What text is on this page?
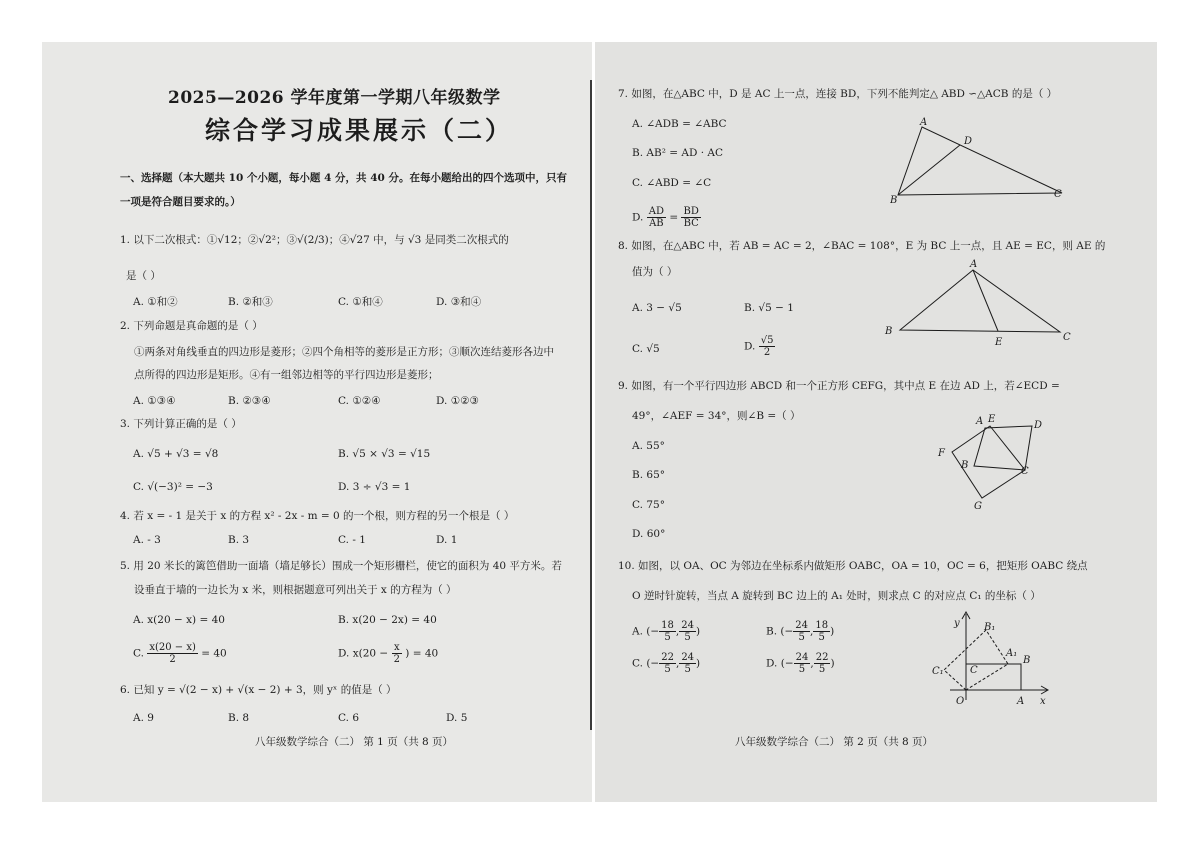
2025—2026 学年度第一学期八年级数学
综合学习成果展示（二）
一、选择题（本大题共 10 个小题，每小题 4 分，共 40 分。在每小题给出的四个选项中，只有
一项是符合题目要求的。）
1. 以下二次根式：①√12；②√2²；③√(2/3)；④√27 中，与 √3 是同类二次根式的
是（ ）
A. ①和②	B. ②和③	C. ①和④	D. ③和④
2. 下列命题是真命题的是（ ）
①两条对角线垂直的四边形是菱形；②四个角相等的菱形是正方形；③顺次连结菱形各边中
点所得的四边形是矩形。④有一组邻边相等的平行四边形是菱形；
A. ①③④	B. ②③④	C. ①②④	D. ①②③
3. 下列计算正确的是（ ）
A. √5 + √3 = √8	B. √5 × √3 = √15
C. √(−3)² = −3	D. 3 ÷ √3 = 1
4. 若 x = - 1 是关于 x 的方程 x² - 2x - m = 0 的一个根，则方程的另一个根是（ ）
A. - 3	B. 3	C. - 1	D. 1
5. 用 20 米长的篱笆借助一面墙（墙足够长）围成一个矩形栅栏，使它的面积为 40 平方米。若
设垂直于墙的一边长为 x 米，则根据题意可列出关于 x 的方程为（ ）
A. x(20 − x) = 40	B. x(20 − 2x) = 40
C. $\frac{x(20 - x)}{2} = 40$	D. $x(20 - \frac{x}{2}$ ) = 40
6. 已知 y = √(2 − x) + √(x − 2) + 3，则 yˣ 的值是（ ）
A. 9	B. 8	C. 6	D. 5
八年级数学综合（二） 第 1 页（共 8 页）
7. 如图，在△ABC 中，D 是 AC 上一点，连接 BD，下列不能判定△ ABD ∽△ACB 的是（ ）
A. ∠ADB = ∠ABC
B. AB² = AD · AC
C. ∠ABD = ∠C
D. $\frac{AD}{AB} = \frac{BD}{BC}$
A
D
B
C
8. 如图，在△ABC 中，若 AB = AC = 2，∠BAC = 108°，E 为 BC 上一点，且 AE = EC，则 AE 的
值为（ ）
A. 3 − √5	B. √5 − 1
C. √5	D. $\frac{√5}{2}$
A
B
E	C
9. 如图，有一个平行四边形 ABCD 和一个正方形 CEFG，其中点 E 在边 AD 上，若∠ECD =
49°，∠AEF = 34°，则∠B =（ ）
A. 55°
B. 65°
C. 75°
D. 60°
A E
D
F
B
C
G
10. 如图，以 OA、OC 为邻边在坐标系内做矩形 OABC，OA = 10，OC = 6，把矩形 OABC 绕点
O 逆时针旋转，当点 A 旋转到 BC 边上的 A₁ 处时，则求点 C 的对应点 C₁ 的坐标（ ）
A. (− $\frac{18}{5}$ , $\frac{24}{5}$ )	B. (− $\frac{24}{5}$ , $\frac{18}{5}$ )
C. (− $\frac{22}{5}$ , $\frac{24}{5}$ )	D. (− $\frac{24}{5}$ , $\frac{22}{5}$ )
y B₁
A₁
B
C₁	C
O	A x
八年级数学综合（二） 第 2 页（共 8 页）
